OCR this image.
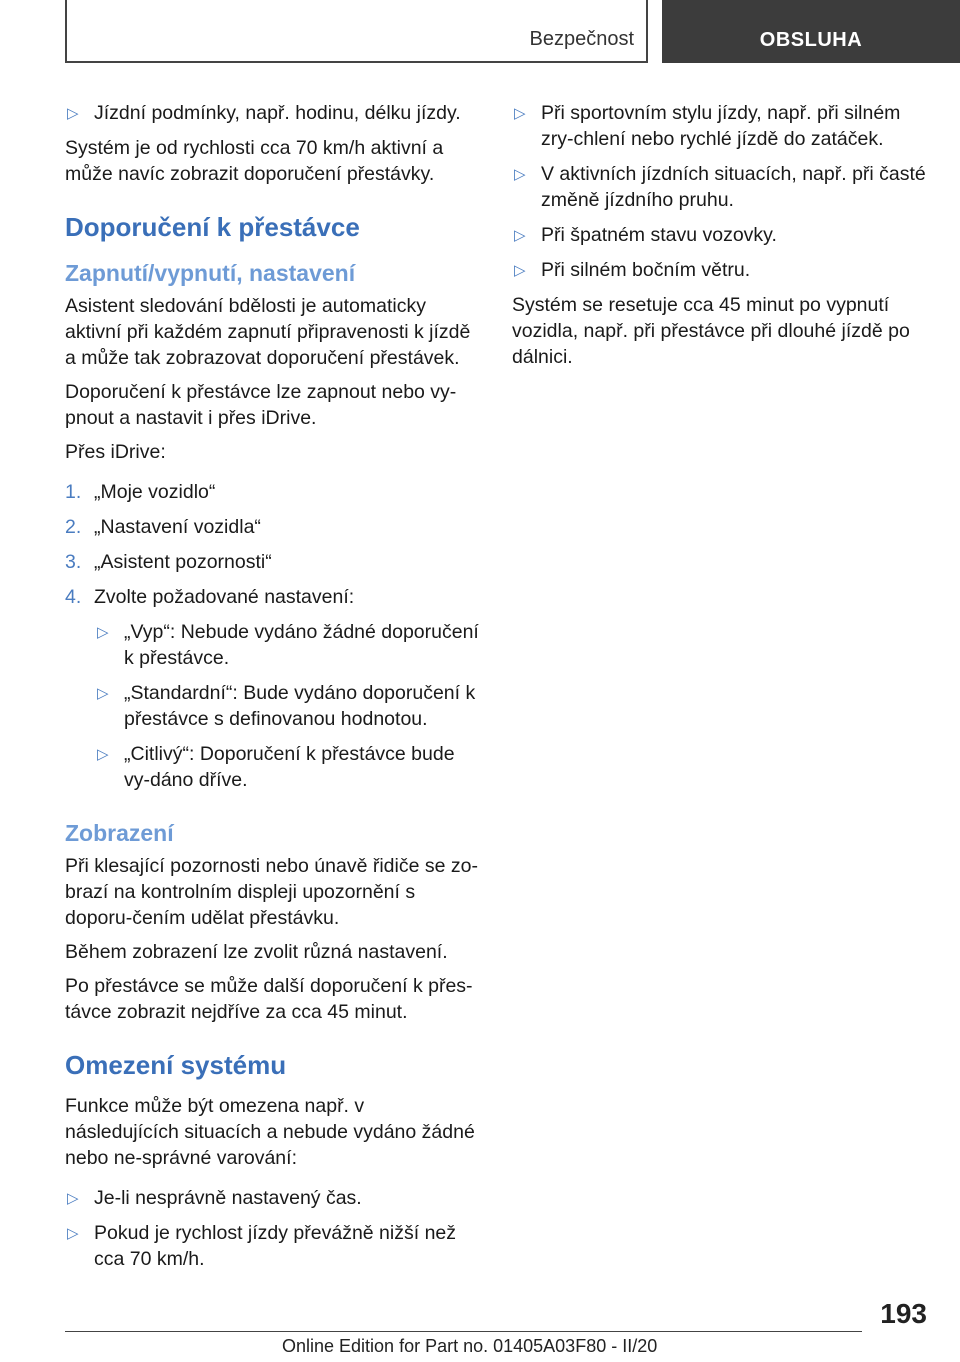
Bezpečnost	OBSLUHA
▷ Jízdní podmínky, např. hodinu, délku jízdy.

Systém je od rychlosti cca 70 km/h aktivní a může navíc zobrazit doporučení přestávky.

Doporučení k přestávce
Zapnutí/vypnutí, nastavení

Asistent sledování bdělosti je automaticky aktivní při každém zapnutí připravenosti k jízdě a může tak zobrazovat doporučení přestávek.

Doporučení k přestávce lze zapnout nebo vy-pnout a nastavit i přes iDrive.

Přes iDrive:

1. „Moje vozidlo“
2. „Nastavení vozidla“
3. „Asistent pozornosti“
4. Zvolte požadované nastavení:
▷ „Vyp“: Nebude vydáno žádné doporučení k přestávce.
▷ „Standardní“: Bude vydáno doporučení k přestávce s definovanou hodnotou.
▷ „Citlivý“: Doporučení k přestávce bude vy-dáno dříve.
Zobrazení

Při klesající pozornosti nebo únavě řidiče se zo-brazí na kontrolním displeji upozornění s doporu-čením udělat přestávku.

Během zobrazení lze zvolit různá nastavení.

Po přestávce se může další doporučení k přes-távce zobrazit nejdříve za cca 45 minut.

Omezení systému

Funkce může být omezena např. v následujících situacích a nebude vydáno žádné nebo ne-správné varování:

▷ Je-li nesprávně nastavený čas.
▷ Pokud je rychlost jízdy převážně nižší než cca 70 km/h.
▷ Při sportovním stylu jízdy, např. při silném zry-chlení nebo rychlé jízdě do zatáček.
▷ V aktivních jízdních situacích, např. při časté změně jízdního pruhu.
▷ Při špatném stavu vozovky.
▷ Při silném bočním větru.

Systém se resetuje cca 45 minut po vypnutí vozidla, např. při přestávce při dlouhé jízdě po dálnici.

193
Online Edition for Part no. 01405A03F80 - II/20
